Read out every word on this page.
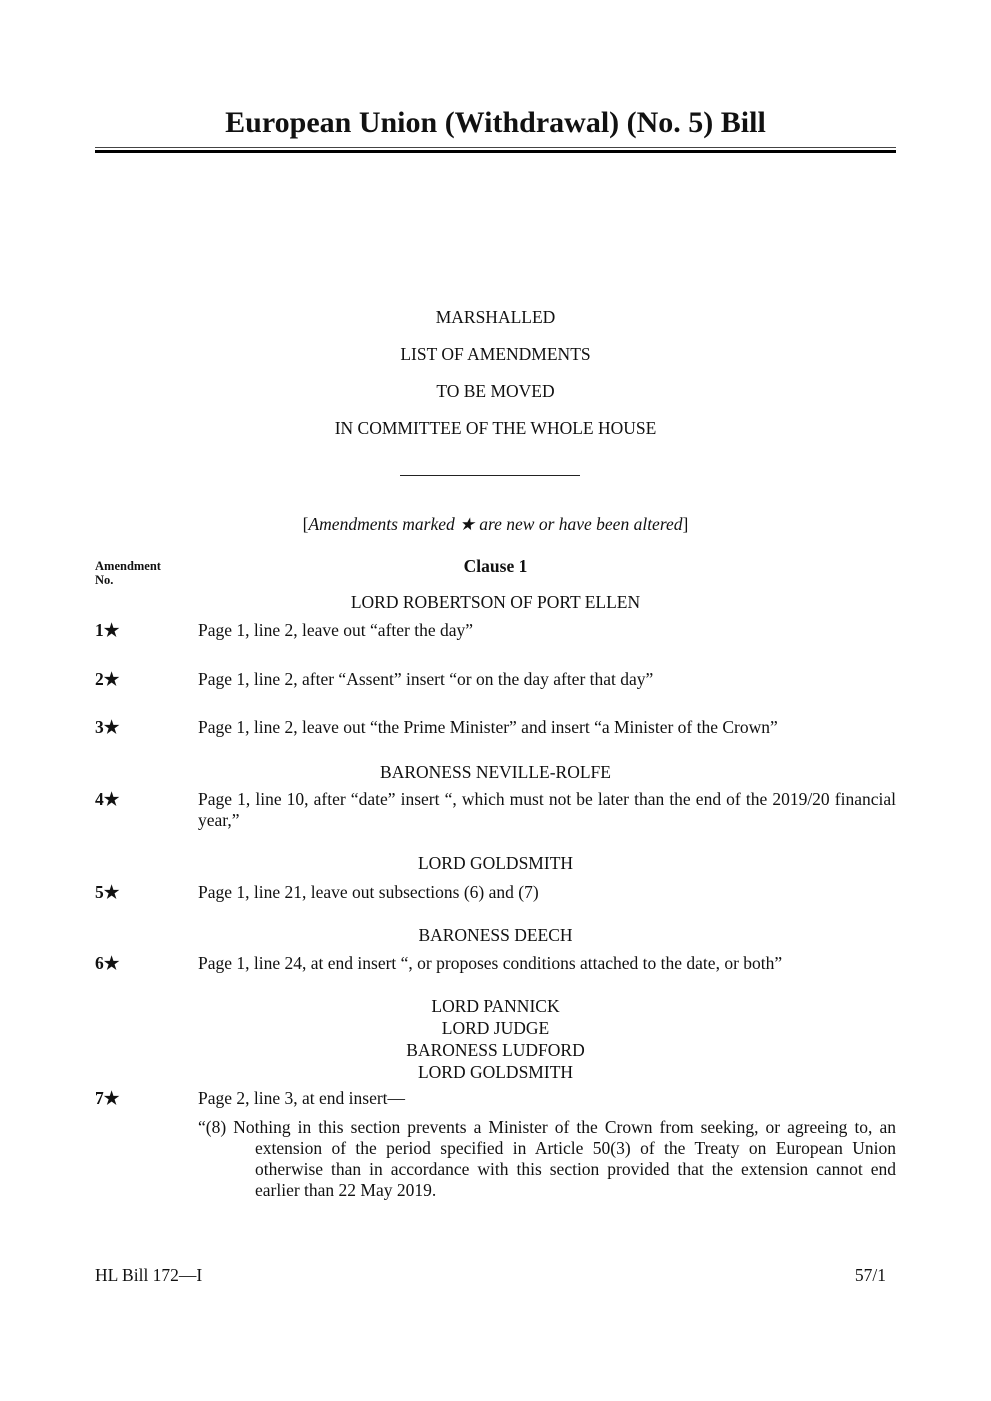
European Union (Withdrawal) (No. 5) Bill
MARSHALLED
LIST OF AMENDMENTS
TO BE MOVED
IN COMMITTEE OF THE WHOLE HOUSE
[Amendments marked ★ are new or have been altered]
Amendment
No.
Clause 1
LORD ROBERTSON OF PORT ELLEN
1★	Page 1, line 2, leave out “after the day”
2★	Page 1, line 2, after “Assent” insert “or on the day after that day”
3★	Page 1, line 2, leave out “the Prime Minister” and insert “a Minister of the Crown”
BARONESS NEVILLE-ROLFE
4★	Page 1, line 10, after “date” insert “, which must not be later than the end of the 2019/20 financial year,”
LORD GOLDSMITH
5★	Page 1, line 21, leave out subsections (6) and (7)
BARONESS DEECH
6★	Page 1, line 24, at end insert “, or proposes conditions attached to the date, or both”
LORD PANNICK
LORD JUDGE
BARONESS LUDFORD
LORD GOLDSMITH
7★	Page 2, line 3, at end insert—
“(8) Nothing in this section prevents a Minister of the Crown from seeking, or agreeing to, an extension of the period specified in Article 50(3) of the Treaty on European Union otherwise than in accordance with this section provided that the extension cannot end earlier than 22 May 2019.
HL Bill 172—I	57/1
